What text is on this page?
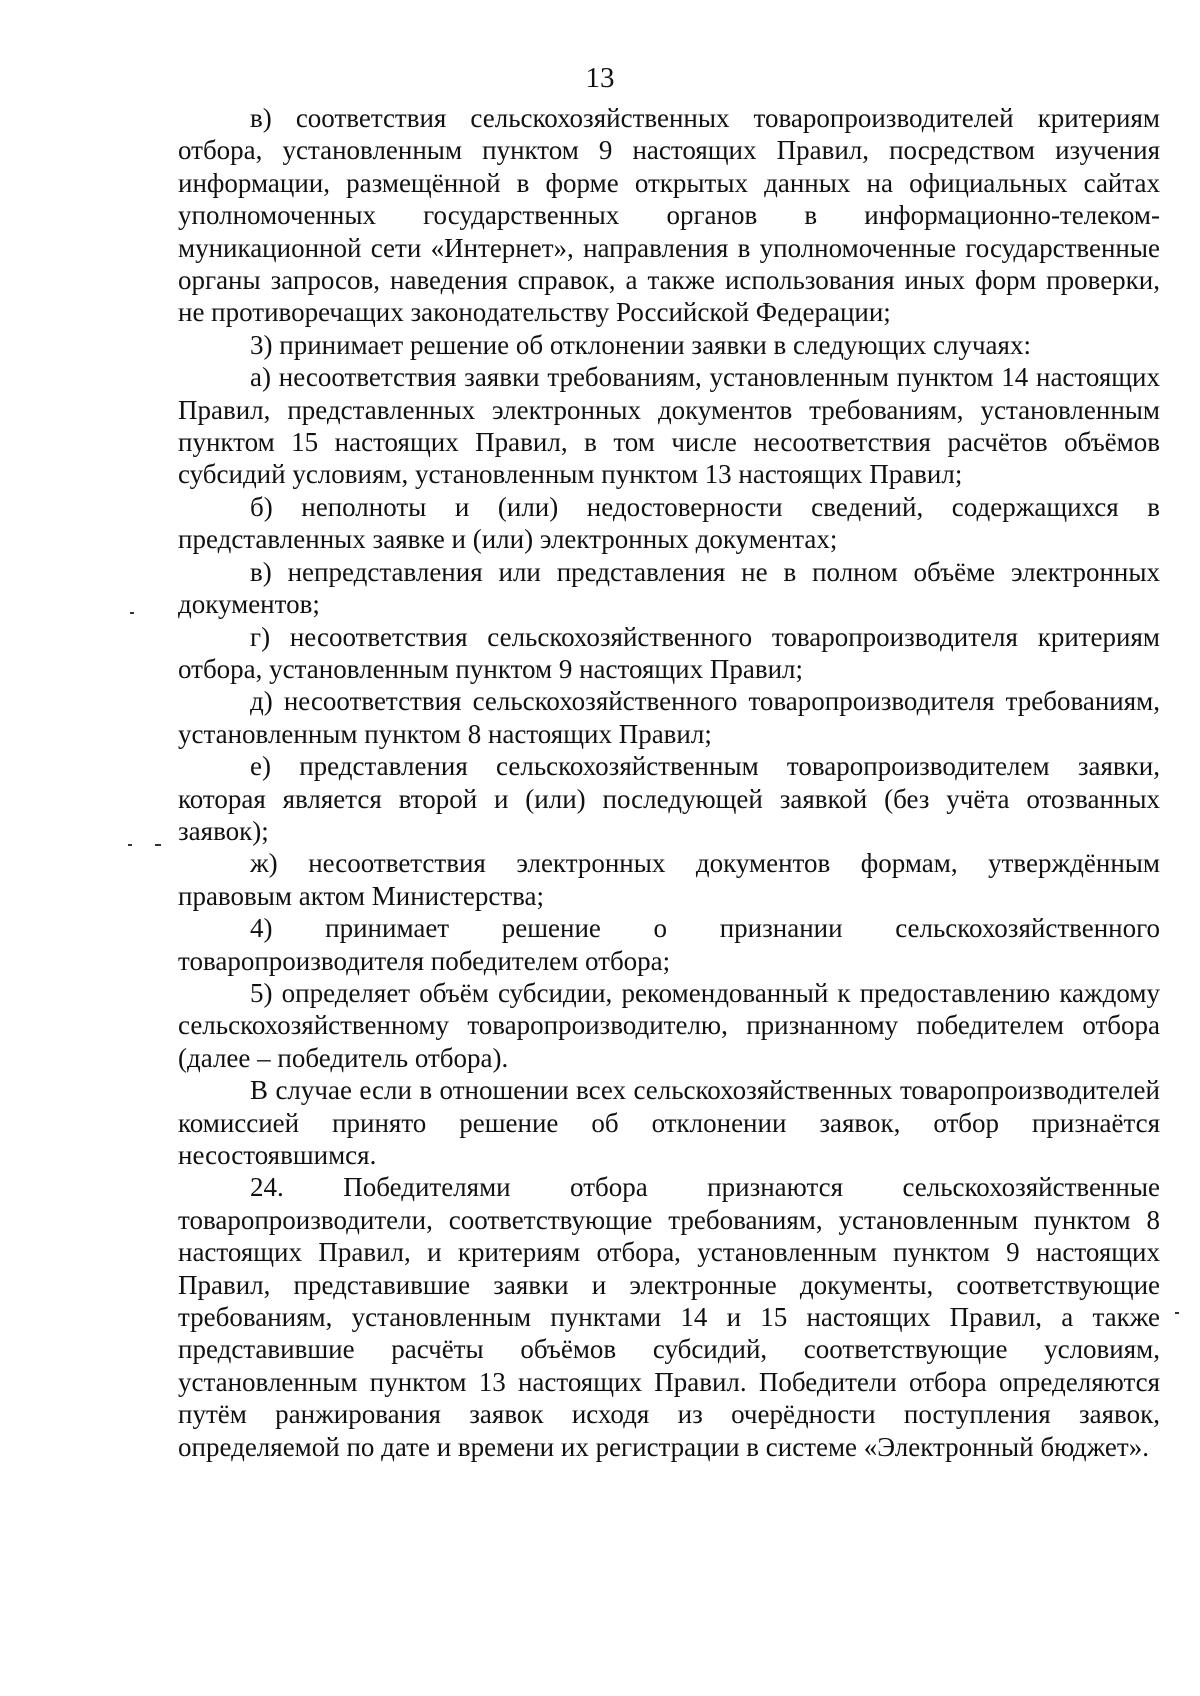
13

в) соответствия сельскохозяйственных товаропроизводителей критериям отбора, установленным пунктом 9 настоящих Правил, посредством изучения информации, размещённой в форме открытых данных на официальных сайтах уполномоченных государственных органов в информационно-телекоммуникационной сети «Интернет», направления в уполномоченные государственные органы запросов, наведения справок, а также использования иных форм проверки, не противоречащих законодательству Российской Федерации;

3) принимает решение об отклонении заявки в следующих случаях:

а) несоответствия заявки требованиям, установленным пунктом 14 настоящих Правил, представленных электронных документов требованиям, установленным пунктом 15 настоящих Правил, в том числе несоответствия расчётов объёмов субсидий условиям, установленным пунктом 13 настоящих Правил;

б) неполноты и (или) недостоверности сведений, содержащихся в представленных заявке и (или) электронных документах;

в) непредставления или представления не в полном объёме электронных документов;

г) несоответствия сельскохозяйственного товаропроизводителя критериям отбора, установленным пунктом 9 настоящих Правил;

д) несоответствия сельскохозяйственного товаропроизводителя требованиям, установленным пунктом 8 настоящих Правил;

е) представления сельскохозяйственным товаропроизводителем заявки, которая является второй и (или) последующей заявкой (без учёта отозванных заявок);

ж) несоответствия электронных документов формам, утверждённым правовым актом Министерства;

4) принимает решение о признании сельскохозяйственного товаропроизводителя победителем отбора;

5) определяет объём субсидии, рекомендованный к предоставлению каждому сельскохозяйственному товаропроизводителю, признанному победителем отбора (далее – победитель отбора).

В случае если в отношении всех сельскохозяйственных товаропроизводителей комиссией принято решение об отклонении заявок, отбор признаётся несостоявшимся.

24. Победителями отбора признаются сельскохозяйственные товаропроизводители, соответствующие требованиям, установленным пунктом 8 настоящих Правил, и критериям отбора, установленным пунктом 9 настоящих Правил, представившие заявки и электронные документы, соответствующие требованиям, установленным пунктами 14 и 15 настоящих Правил, а также представившие расчёты объёмов субсидий, соответствующие условиям, установленным пунктом 13 настоящих Правил. Победители отбора определяются путём ранжирования заявок исходя из очерёдности поступления заявок, определяемой по дате и времени их регистрации в системе «Электронный бюджет».
